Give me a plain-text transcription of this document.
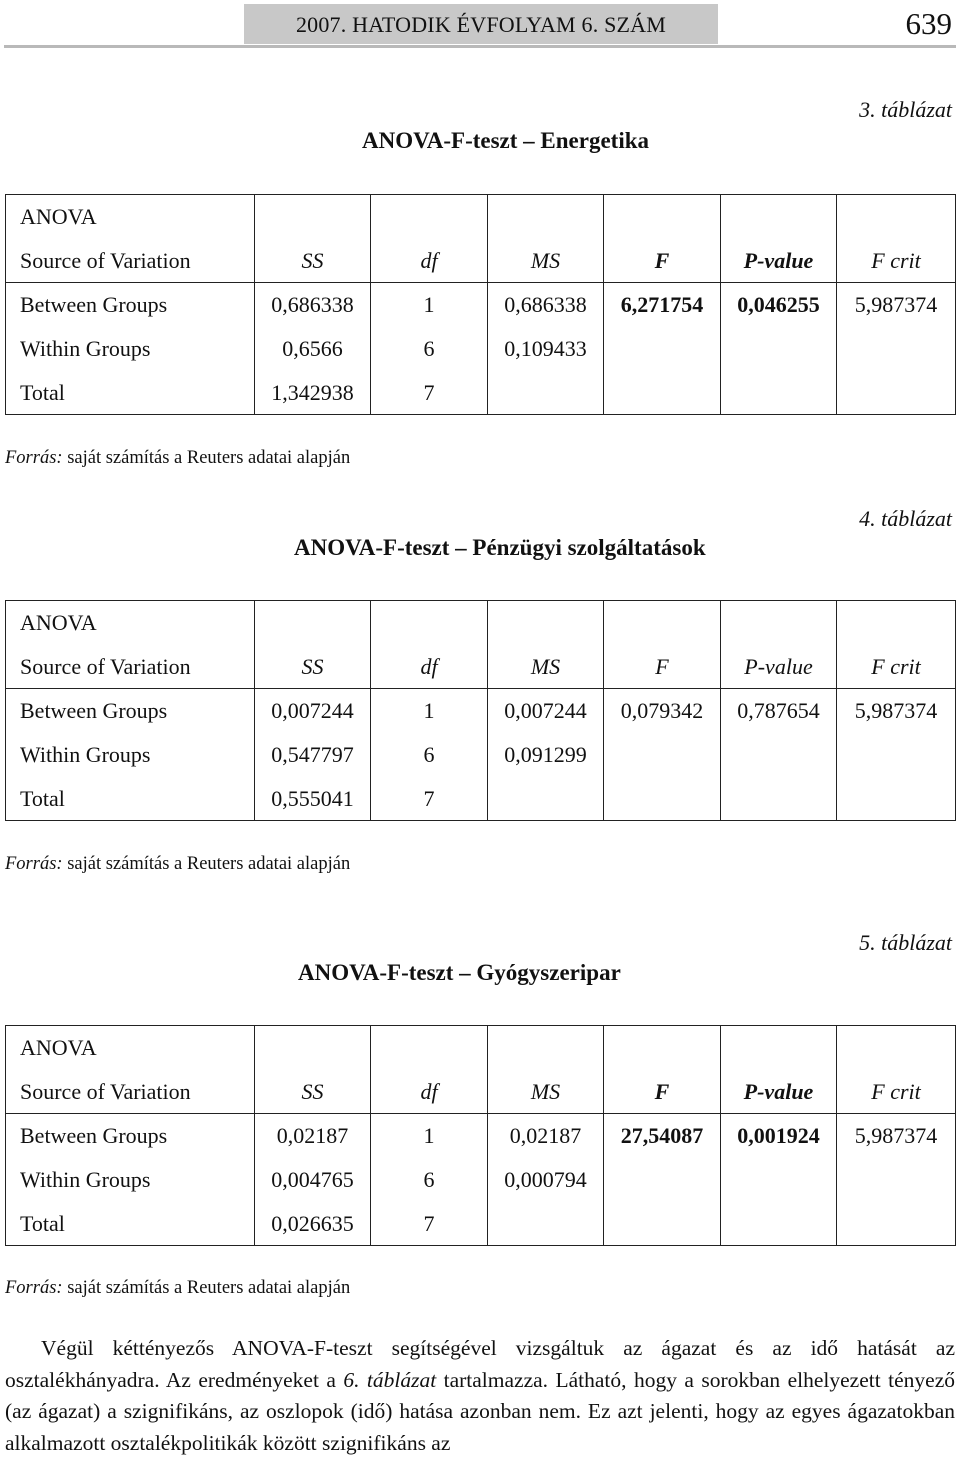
2007. HATODIK ÉVFOLYAM 6. SZÁM	639
3. táblázat
ANOVA-F-teszt – Energetika
ANOVA						
Source of Variation	SS	df	MS	F	P-value	F crit
Between Groups	0,686338	1	0,686338	6,271754	0,046255	5,987374
Within Groups	0,6566	6	0,109433			
Total	1,342938	7				
Forrás: saját számítás a Reuters adatai alapján
4. táblázat
ANOVA-F-teszt – Pénzügyi szolgáltatások
ANOVA						
Source of Variation	SS	df	MS	F	P-value	F crit
Between Groups	0,007244	1	0,007244	0,079342	0,787654	5,987374
Within Groups	0,547797	6	0,091299			
Total	0,555041	7				
Forrás: saját számítás a Reuters adatai alapján
5. táblázat
ANOVA-F-teszt – Gyógyszeripar
ANOVA						
Source of Variation	SS	df	MS	F	P-value	F crit
Between Groups	0,02187	1	0,02187	27,54087	0,001924	5,987374
Within Groups	0,004765	6	0,000794			
Total	0,026635	7				
Forrás: saját számítás a Reuters adatai alapján

Végül kéttényezős ANOVA-F-teszt segítségével vizsgáltuk az ágazat és az idő hatását az osztalékhányadra. Az eredményeket a 6. táblázat tartalmazza. Látható, hogy a sorokban elhelyezett tényező (az ágazat) a szignifikáns, az oszlopok (idő) hatása azonban nem. Ez azt jelenti, hogy az egyes ágazatokban alkalmazott osztalékpolitikák között szignifikáns az
